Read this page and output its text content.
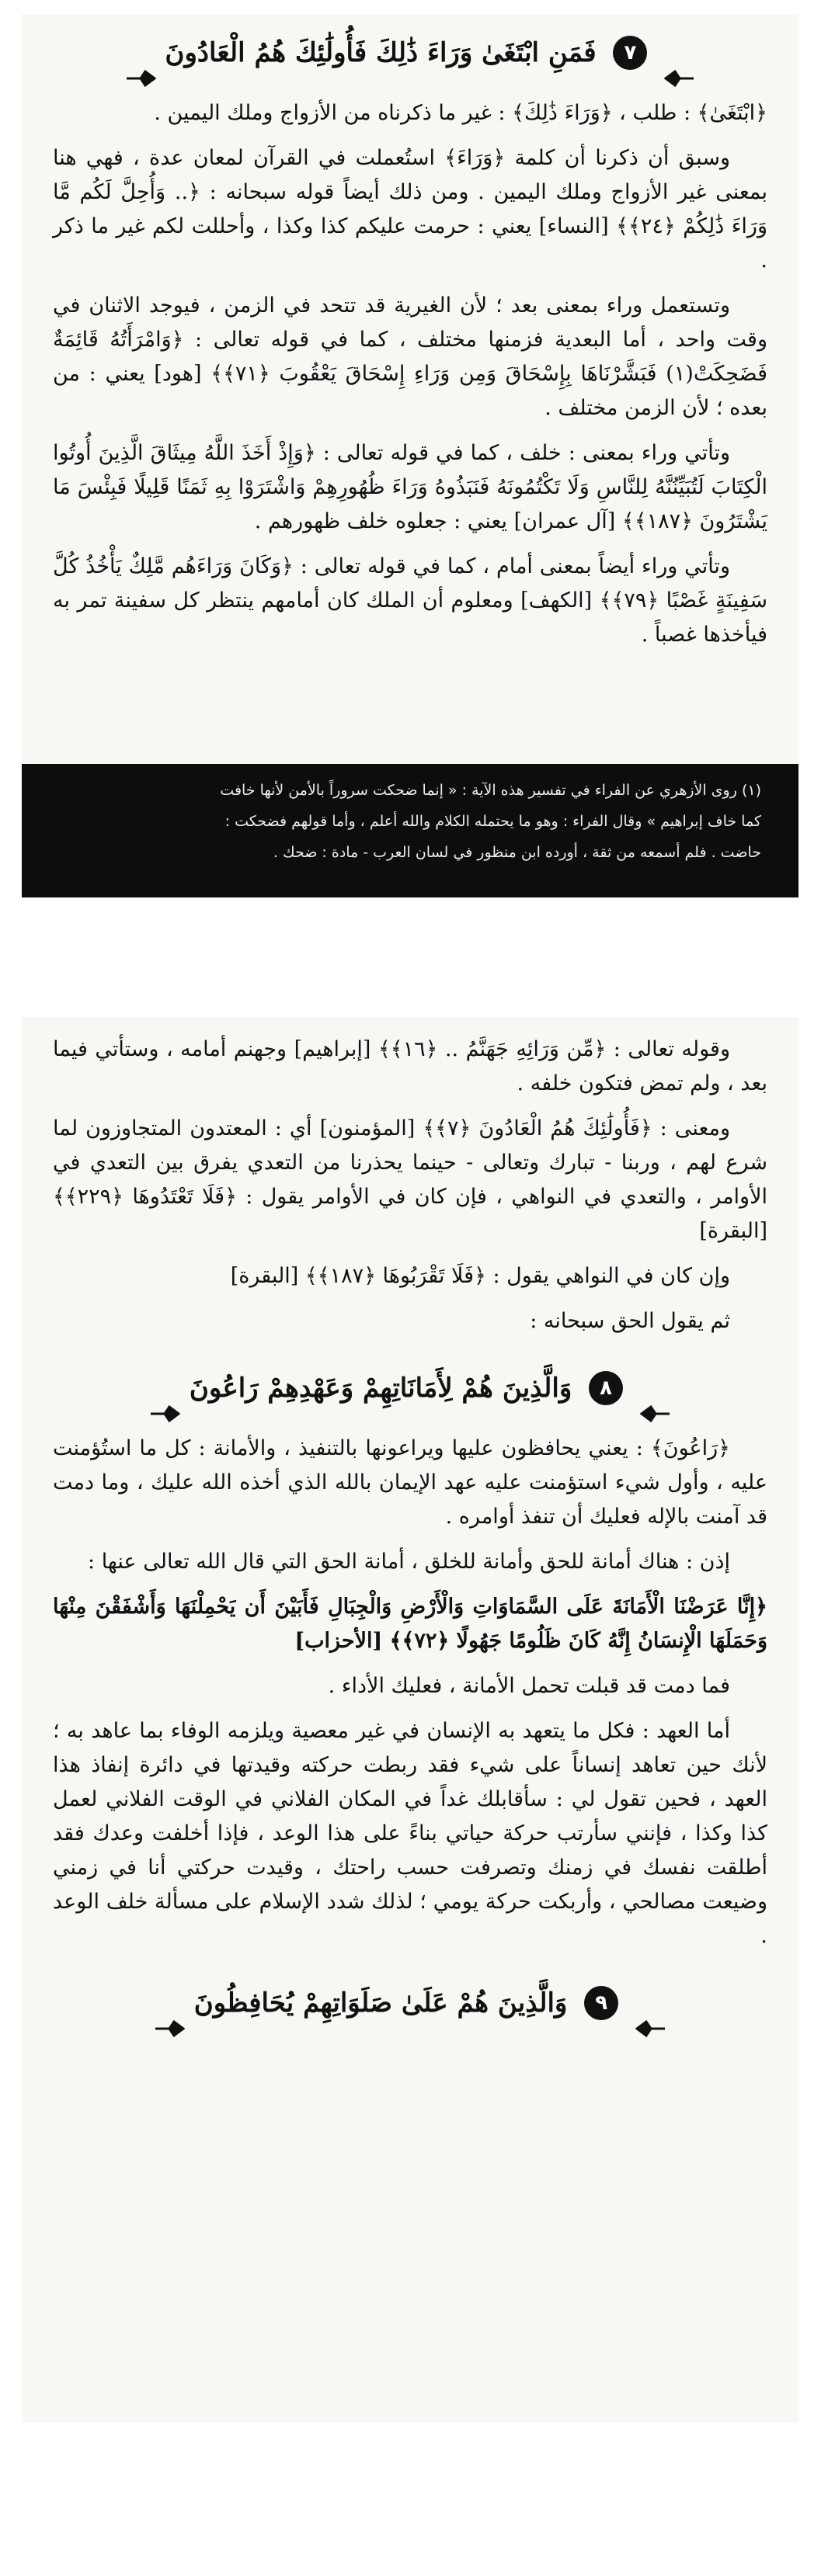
٧ فَمَنِ ابْتَغَىٰ وَرَاءَ ذَٰلِكَ فَأُولَٰئِكَ هُمُ الْعَادُونَ

﴿ابْتَغَىٰ﴾ : طلب ، ﴿وَرَاءَ ذَٰلِكَ﴾ : غير ما ذكرناه من الأزواج وملك اليمين .

وسبق أن ذكرنا أن كلمة ﴿وَرَاءَ﴾ استُعملت في القرآن لمعان عدة ، فهي هنا بمعنى غير الأزواج وملك اليمين . ومن ذلك أيضاً قوله سبحانه : ﴿.. وَأُحِلَّ لَكُم مَّا وَرَاءَ ذَٰلِكُمْ ﴿٢٤﴾﴾ [النساء] يعني : حرمت عليكم كذا وكذا ، وأحللت لكم غير ما ذكر .

وتستعمل وراء بمعنى بعد ؛ لأن الغيرية قد تتحد في الزمن ، فيوجد الاثنان في وقت واحد ، أما البعدية فزمنها مختلف ، كما في قوله تعالى : ﴿وَامْرَأَتُهُ قَائِمَةٌ فَضَحِكَتْ(١) فَبَشَّرْنَاهَا بِإِسْحَاقَ وَمِن وَرَاءِ إِسْحَاقَ يَعْقُوبَ ﴿٧١﴾﴾ [هود] يعني : من بعده ؛ لأن الزمن مختلف .

وتأتي وراء بمعنى : خلف ، كما في قوله تعالى : ﴿وَإِذْ أَخَذَ اللَّهُ مِيثَاقَ الَّذِينَ أُوتُوا الْكِتَابَ لَتُبَيِّنُنَّهُ لِلنَّاسِ وَلَا تَكْتُمُونَهُ فَنَبَذُوهُ وَرَاءَ ظُهُورِهِمْ وَاشْتَرَوْا بِهِ ثَمَنًا قَلِيلًا فَبِئْسَ مَا يَشْتَرُونَ ﴿١٨٧﴾﴾ [آل عمران] يعني : جعلوه خلف ظهورهم .

وتأتي وراء أيضاً بمعنى أمام ، كما في قوله تعالى : ﴿وَكَانَ وَرَاءَهُم مَّلِكٌ يَأْخُذُ كُلَّ سَفِينَةٍ غَصْبًا ﴿٧٩﴾﴾ [الكهف] ومعلوم أن الملك كان أمامهم ينتظر كل سفينة تمر به فيأخذها غصباً .

(١) روى الأزهري عن الفراء في تفسير هذه الآية : « إنما ضحكت سروراً بالأمن لأنها خافت
كما خاف إبراهيم » وقال الفراء : وهو ما يحتمله الكلام والله أعلم ، وأما قولهم فضحكت :
حاضت . فلم أسمعه من ثقة ، أورده ابن منظور في لسان العرب - مادة : ضحك .

وقوله تعالى : ﴿مِّن وَرَائِهِ جَهَنَّمُ .. ﴿١٦﴾﴾ [إبراهيم] وجهنم أمامه ، وستأتي فيما بعد ، ولم تمض فتكون خلفه .

ومعنى : ﴿فَأُولَٰئِكَ هُمُ الْعَادُونَ ﴿٧﴾﴾ [المؤمنون] أي : المعتدون المتجاوزون لما شرع لهم ، وربنا - تبارك وتعالى - حينما يحذرنا من التعدي يفرق بين التعدي في الأوامر ، والتعدي في النواهي ، فإن كان في الأوامر يقول : ﴿فَلَا تَعْتَدُوهَا ﴿٢٢٩﴾﴾ [البقرة]

وإن كان في النواهي يقول : ﴿فَلَا تَقْرَبُوهَا ﴿١٨٧﴾﴾ [البقرة]

ثم يقول الحق سبحانه :

٨ وَالَّذِينَ هُمْ لِأَمَانَاتِهِمْ وَعَهْدِهِمْ رَاعُونَ

﴿رَاعُونَ﴾ : يعني يحافظون عليها ويراعونها بالتنفيذ ، والأمانة : كل ما استُؤمنت عليه ، وأول شيء استؤمنت عليه عهد الإيمان بالله الذي أخذه الله عليك ، وما دمت قد آمنت بالإله فعليك أن تنفذ أوامره .

إذن : هناك أمانة للحق وأمانة للخلق ، أمانة الحق التي قال الله تعالى عنها :

﴿إِنَّا عَرَضْنَا الْأَمَانَةَ عَلَى السَّمَاوَاتِ وَالْأَرْضِ وَالْجِبَالِ فَأَبَيْنَ أَن يَحْمِلْنَهَا وَأَشْفَقْنَ مِنْهَا وَحَمَلَهَا الْإِنسَانُ إِنَّهُ كَانَ ظَلُومًا جَهُولًا ﴿٧٢﴾﴾ [الأحزاب]

فما دمت قد قبلت تحمل الأمانة ، فعليك الأداء .

أما العهد : فكل ما يتعهد به الإنسان في غير معصية ويلزمه الوفاء بما عاهد به ؛ لأنك حين تعاهد إنساناً على شيء فقد ربطت حركته وقيدتها في دائرة إنفاذ هذا العهد ، فحين تقول لي : سأقابلك غداً في المكان الفلاني في الوقت الفلاني لعمل كذا وكذا ، فإنني سأرتب حركة حياتي بناءً على هذا الوعد ، فإذا أخلفت وعدك فقد أطلقت نفسك في زمنك وتصرفت حسب راحتك ، وقيدت حركتي أنا في زمني وضيعت مصالحي ، وأربكت حركة يومي ؛ لذلك شدد الإسلام على مسألة خلف الوعد .

٩ وَالَّذِينَ هُمْ عَلَىٰ صَلَوَاتِهِمْ يُحَافِظُونَ
